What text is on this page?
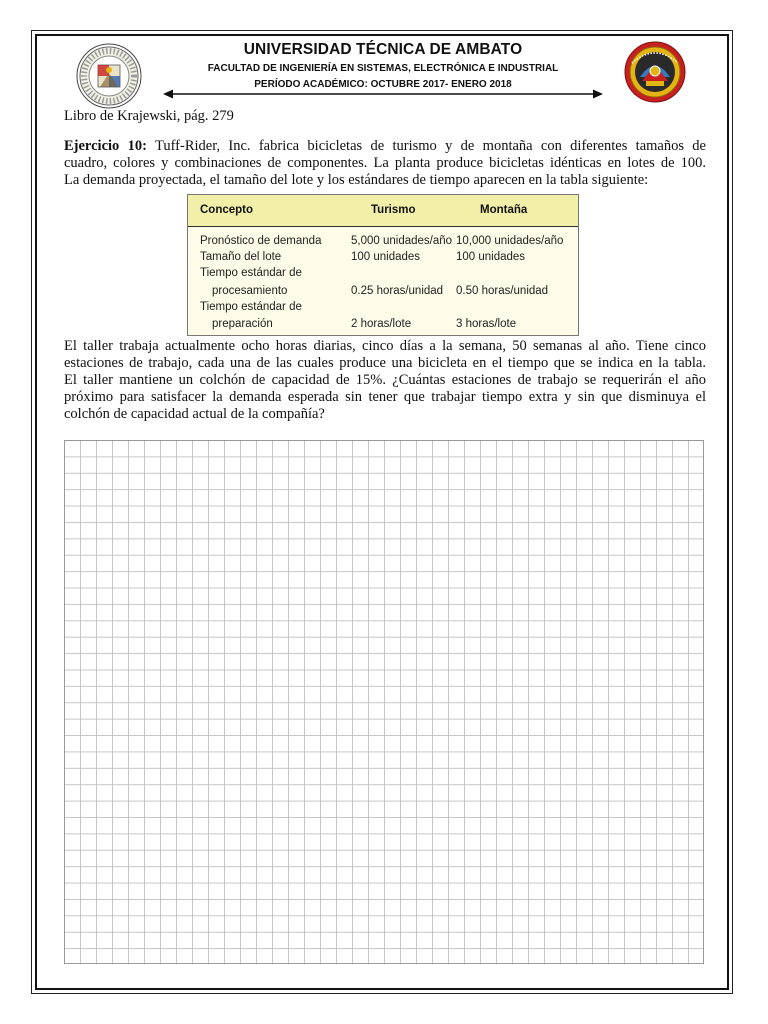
UNIVERSIDAD TÉCNICA DE AMBATO
FACULTAD DE INGENIERÍA EN SISTEMAS, ELECTRÓNICA E INDUSTRIAL
PERÍODO ACADÉMICO: OCTUBRE 2017- ENERO 2018
Libro de Krajewski, pág. 279

Ejercicio 10: Tuff-Rider, Inc. fabrica bicicletas de turismo y de montaña con diferentes tamaños de
cuadro, colores y combinaciones de componentes. La planta produce bicicletas idénticas en lotes de 100.
La demanda proyectada, el tamaño del lote y los estándares de tiempo aparecen en la tabla siguiente:

Concepto	Turismo	Montaña
Pronóstico de demanda	5,000 unidades/año 10,000 unidades/año
Tamaño del lote	100 unidades	100 unidades
Tiempo estándar de
procesamiento	0.25 horas/unidad 0.50 horas/unidad
Tiempo estándar de
preparación	2 horas/lote	3 horas/lote

El taller trabaja actualmente ocho horas diarias, cinco días a la semana, 50 semanas al año. Tiene cinco
estaciones de trabajo, cada una de las cuales produce una bicicleta en el tiempo que se indica en la tabla.
El taller mantiene un colchón de capacidad de 15%. ¿Cuántas estaciones de trabajo se requerirán el año
próximo para satisfacer la demanda esperada sin tener que trabajar tiempo extra y sin que disminuya el
colchón de capacidad actual de la compañía?
